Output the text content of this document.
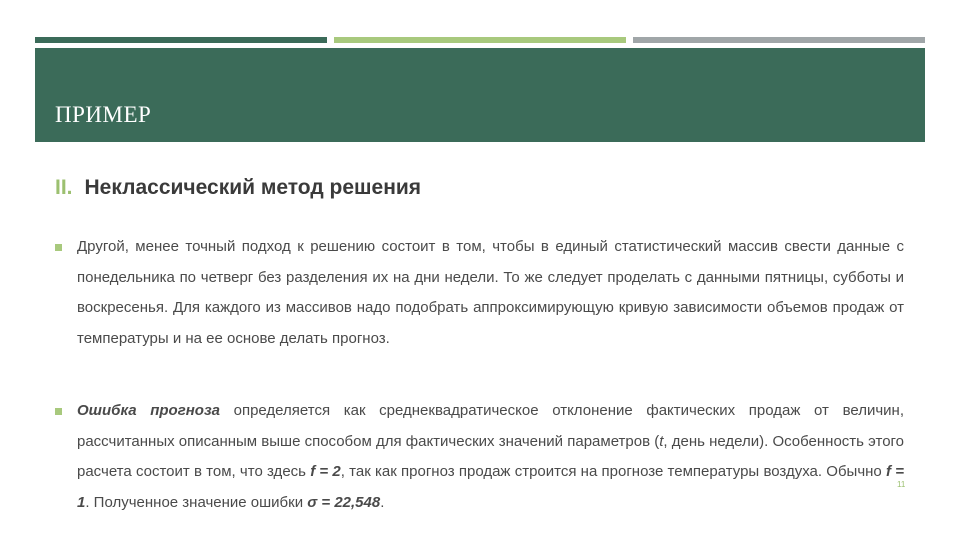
ПРИМЕР
II. Неклассический метод решения
Другой, менее точный подход к решению состоит в том, чтобы в единый статистический массив свести данные с понедельника по четверг без разделения их на дни недели. То же следует проделать с данными пятницы, субботы и воскресенья. Для каждого из массивов надо подобрать аппроксимирующую кривую зависимости объемов продаж от температуры и на ее основе делать прогноз.
Ошибка прогноза определяется как среднеквадратическое отклонение фактических продаж от величин, рассчитанных описанным выше способом для фактических значений параметров (t, день недели). Особенность этого расчета состоит в том, что здесь f = 2, так как прогноз продаж строится на прогнозе температуры воздуха. Обычно f = 1. Полученное значение ошибки σ = 22,548.
11
